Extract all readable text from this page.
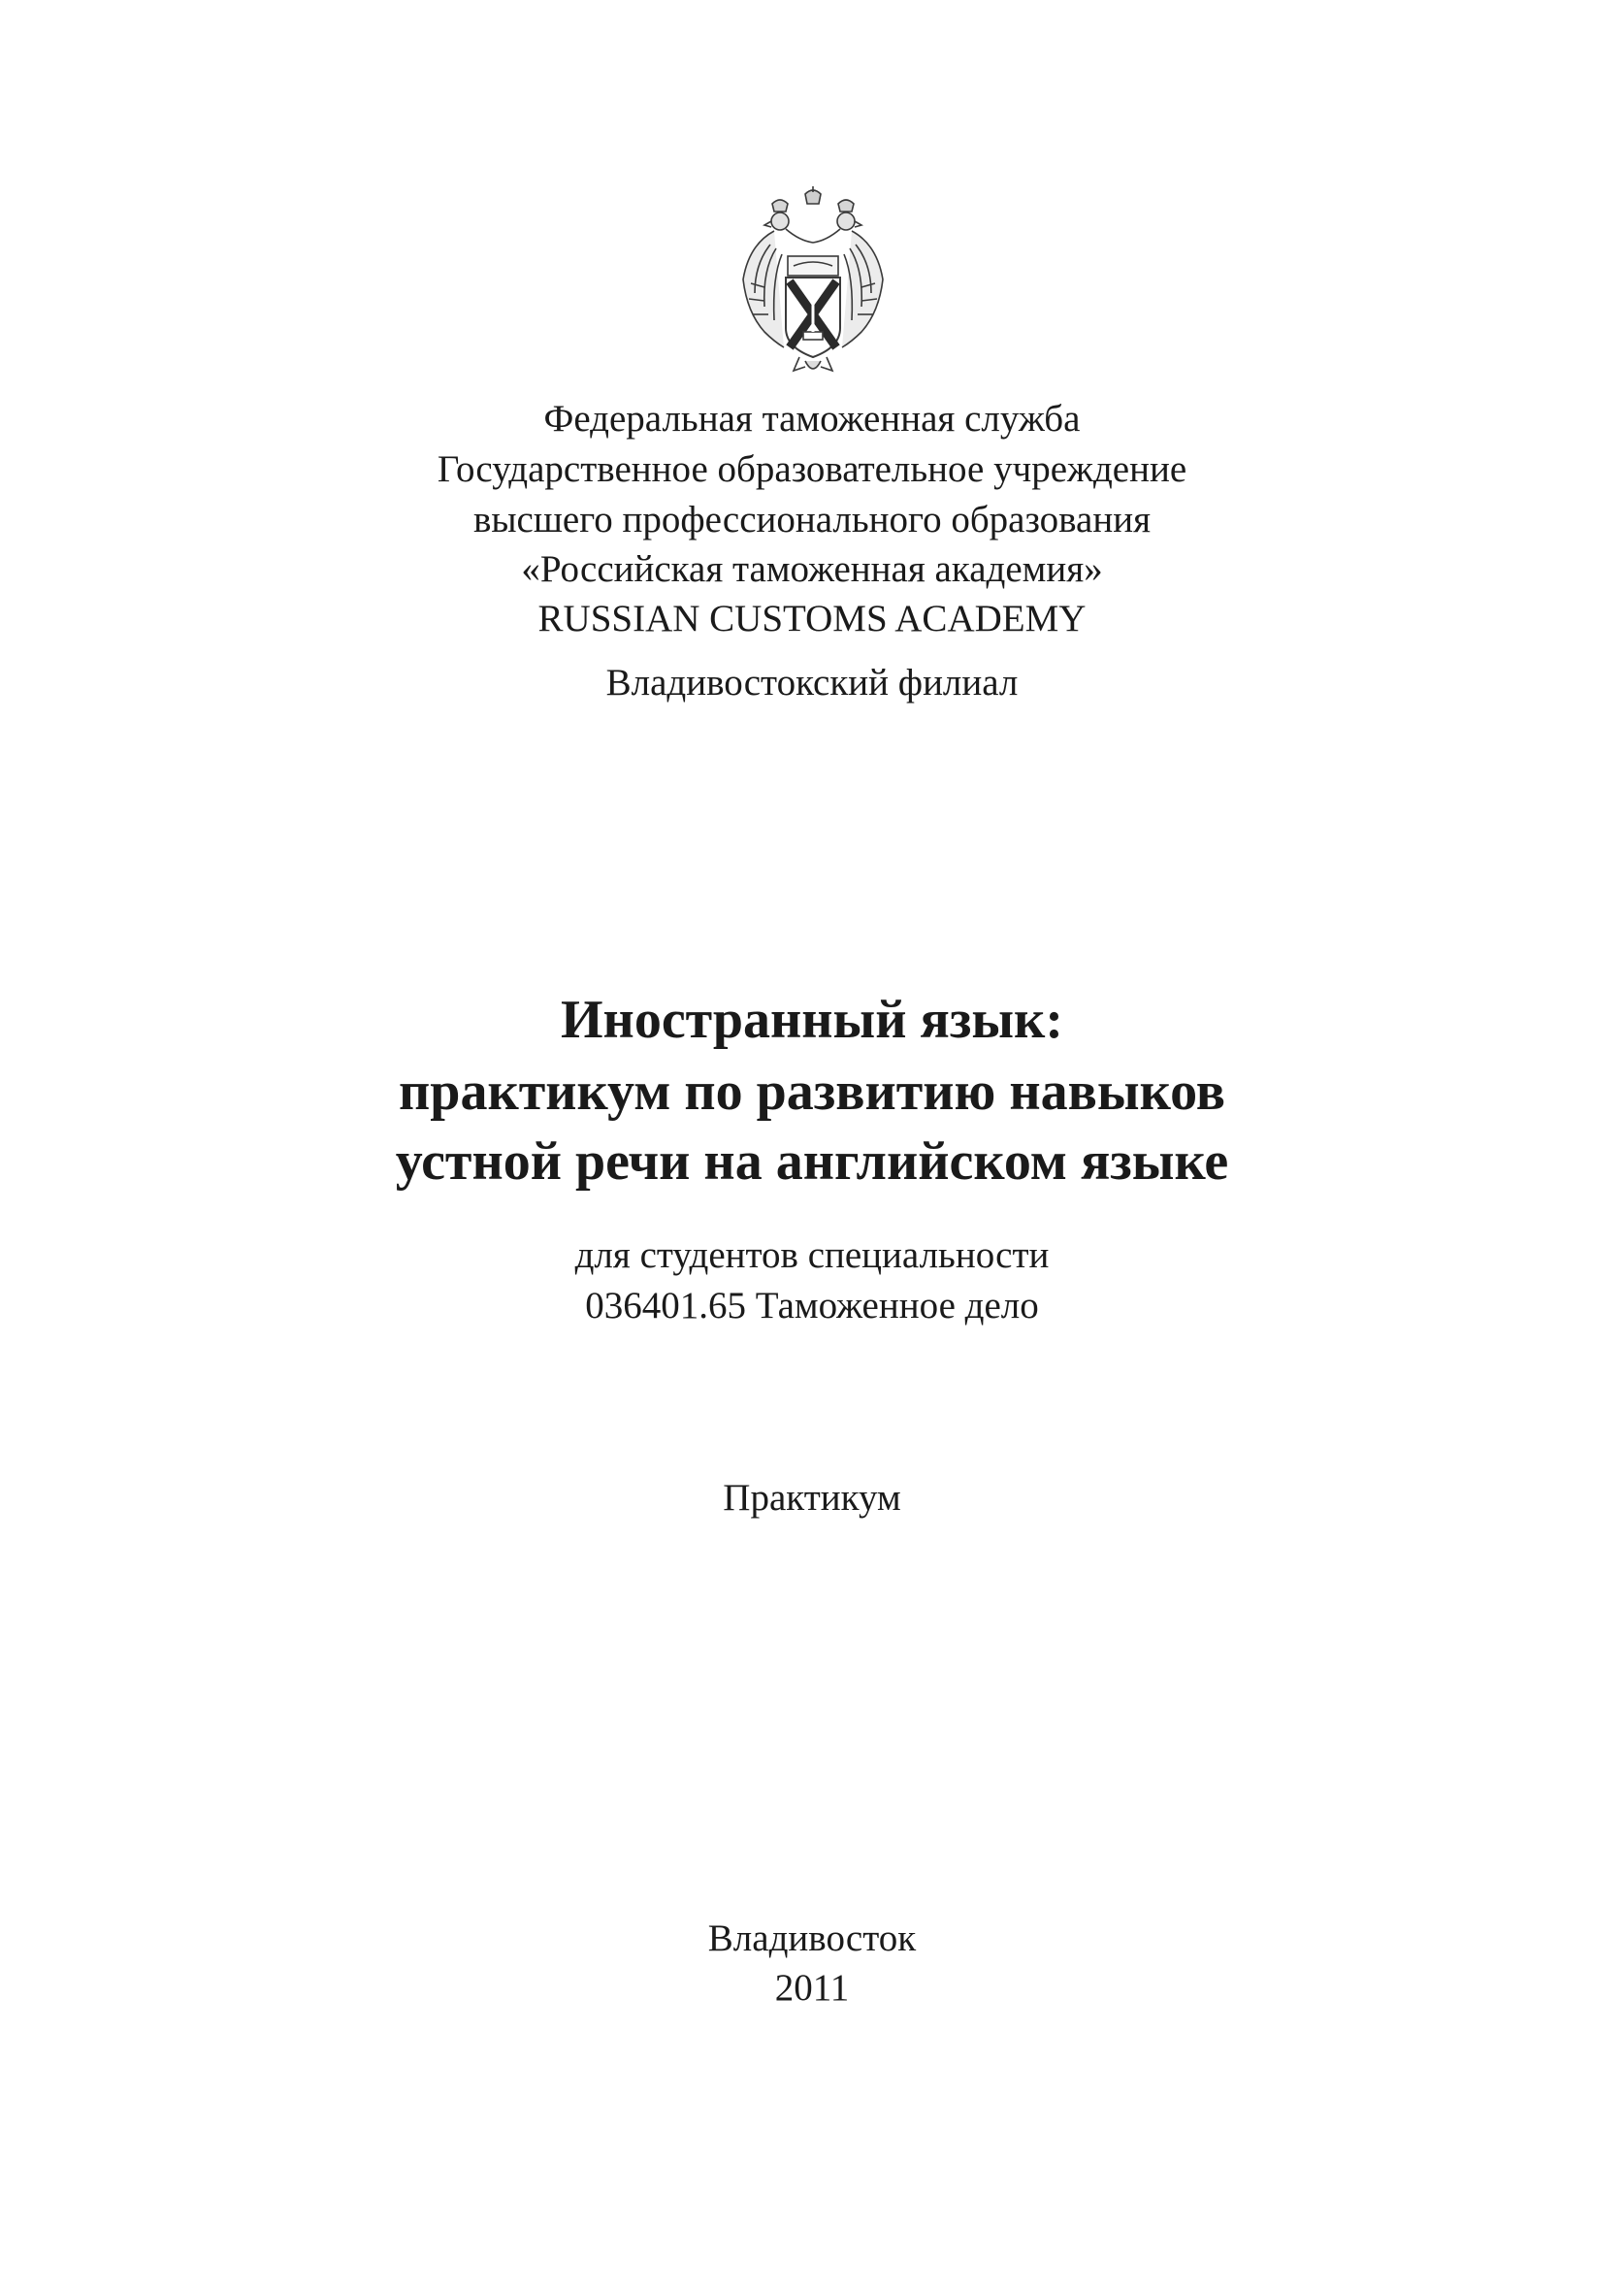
Федеральная таможенная служба
Государственное образовательное учреждение
высшего профессионального образования
«Российская таможенная академия»
RUSSIAN CUSTOMS ACADEMY
Владивостокский филиал
Иностранный язык:
практикум по развитию навыков
устной речи на английском языке
для студентов специальности
036401.65 Таможенное дело
Практикум
Владивосток
2011
